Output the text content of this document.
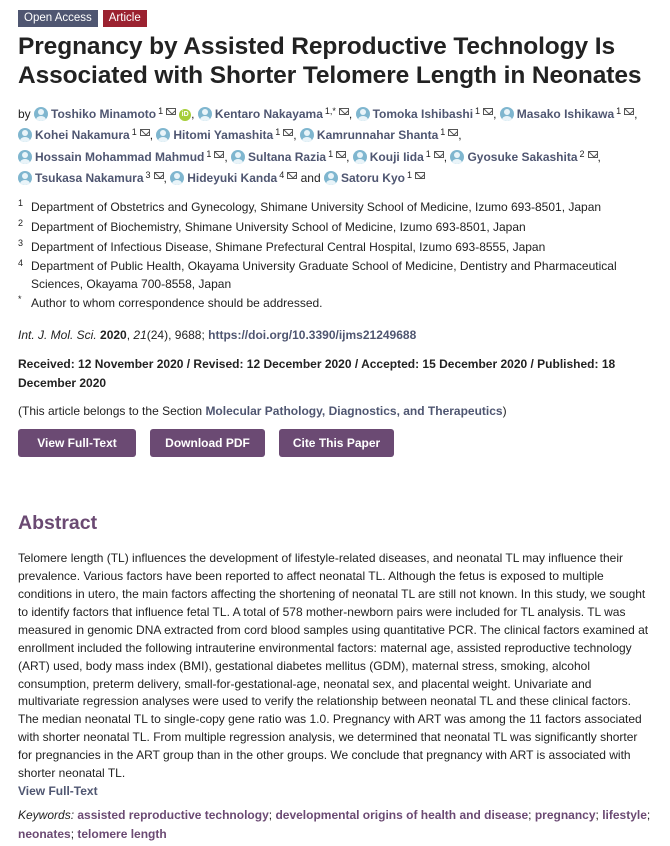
Open Access	Article
Pregnancy by Assisted Reproductive Technology Is Associated with Shorter Telomere Length in Neonates
by Toshiko Minamoto $^1$	iD , Kentaro Nakayama $^{1,*}$ , Tomoka Ishibashi $^1$ , Masako Ishikawa $^1$ , Kohei Nakamura $^1$ , Hitomi Yamashita $^1$ , Kamrunnahar Shanta $^1$ , Hossain Mohammad Mahmud $^1$ , Sultana Razia $^1$ , Kouji Iida $^1$ , Gyosuke Sakashita $^2$ , Tsukasa Nakamura $^3$ , Hideyuki Kanda $^4$ and Satoru Kyo $^1$
1 Department of Obstetrics and Gynecology, Shimane University School of Medicine, Izumo 693-8501, Japan
2 Department of Biochemistry, Shimane University School of Medicine, Izumo 693-8501, Japan
3 Department of Infectious Disease, Shimane Prefectural Central Hospital, Izumo 693-8555, Japan
4 Department of Public Health, Okayama University Graduate School of Medicine, Dentistry and Pharmaceutical Sciences, Okayama 700-8558, Japan
* Author to whom correspondence should be addressed.
Int. J. Mol. Sci. 2020, 21(24), 9688; https://doi.org/10.3390/ijms21249688
Received: 12 November 2020 / Revised: 12 December 2020 / Accepted: 15 December 2020 / Published: 18 December 2020
(This article belongs to the Section Molecular Pathology, Diagnostics, and Therapeutics)
View Full-Text	Download PDF	Cite This Paper
Abstract

Telomere length (TL) influences the development of lifestyle-related diseases, and neonatal TL may influence their prevalence. Various factors have been reported to affect neonatal TL. Although the fetus is exposed to multiple conditions in utero, the main factors affecting the shortening of neonatal TL are still not known. In this study, we sought to identify factors that influence fetal TL. A total of 578 mother-newborn pairs were included for TL analysis. TL was measured in genomic DNA extracted from cord blood samples using quantitative PCR. The clinical factors examined at enrollment included the following intrauterine environmental factors: maternal age, assisted reproductive technology (ART) used, body mass index (BMI), gestational diabetes mellitus (GDM), maternal stress, smoking, alcohol consumption, preterm delivery, small-for-gestational-age, neonatal sex, and placental weight. Univariate and multivariate regression analyses were used to verify the relationship between neonatal TL and these clinical factors. The median neonatal TL to single-copy gene ratio was 1.0. Pregnancy with ART was among the 11 factors associated with shorter neonatal TL. From multiple regression analysis, we determined that neonatal TL was significantly shorter for pregnancies in the ART group than in the other groups. We conclude that pregnancy with ART is associated with shorter neonatal TL.

View Full-Text
Keywords: assisted reproductive technology; developmental origins of health and disease; pregnancy; lifestyle; neonates; telomere length
